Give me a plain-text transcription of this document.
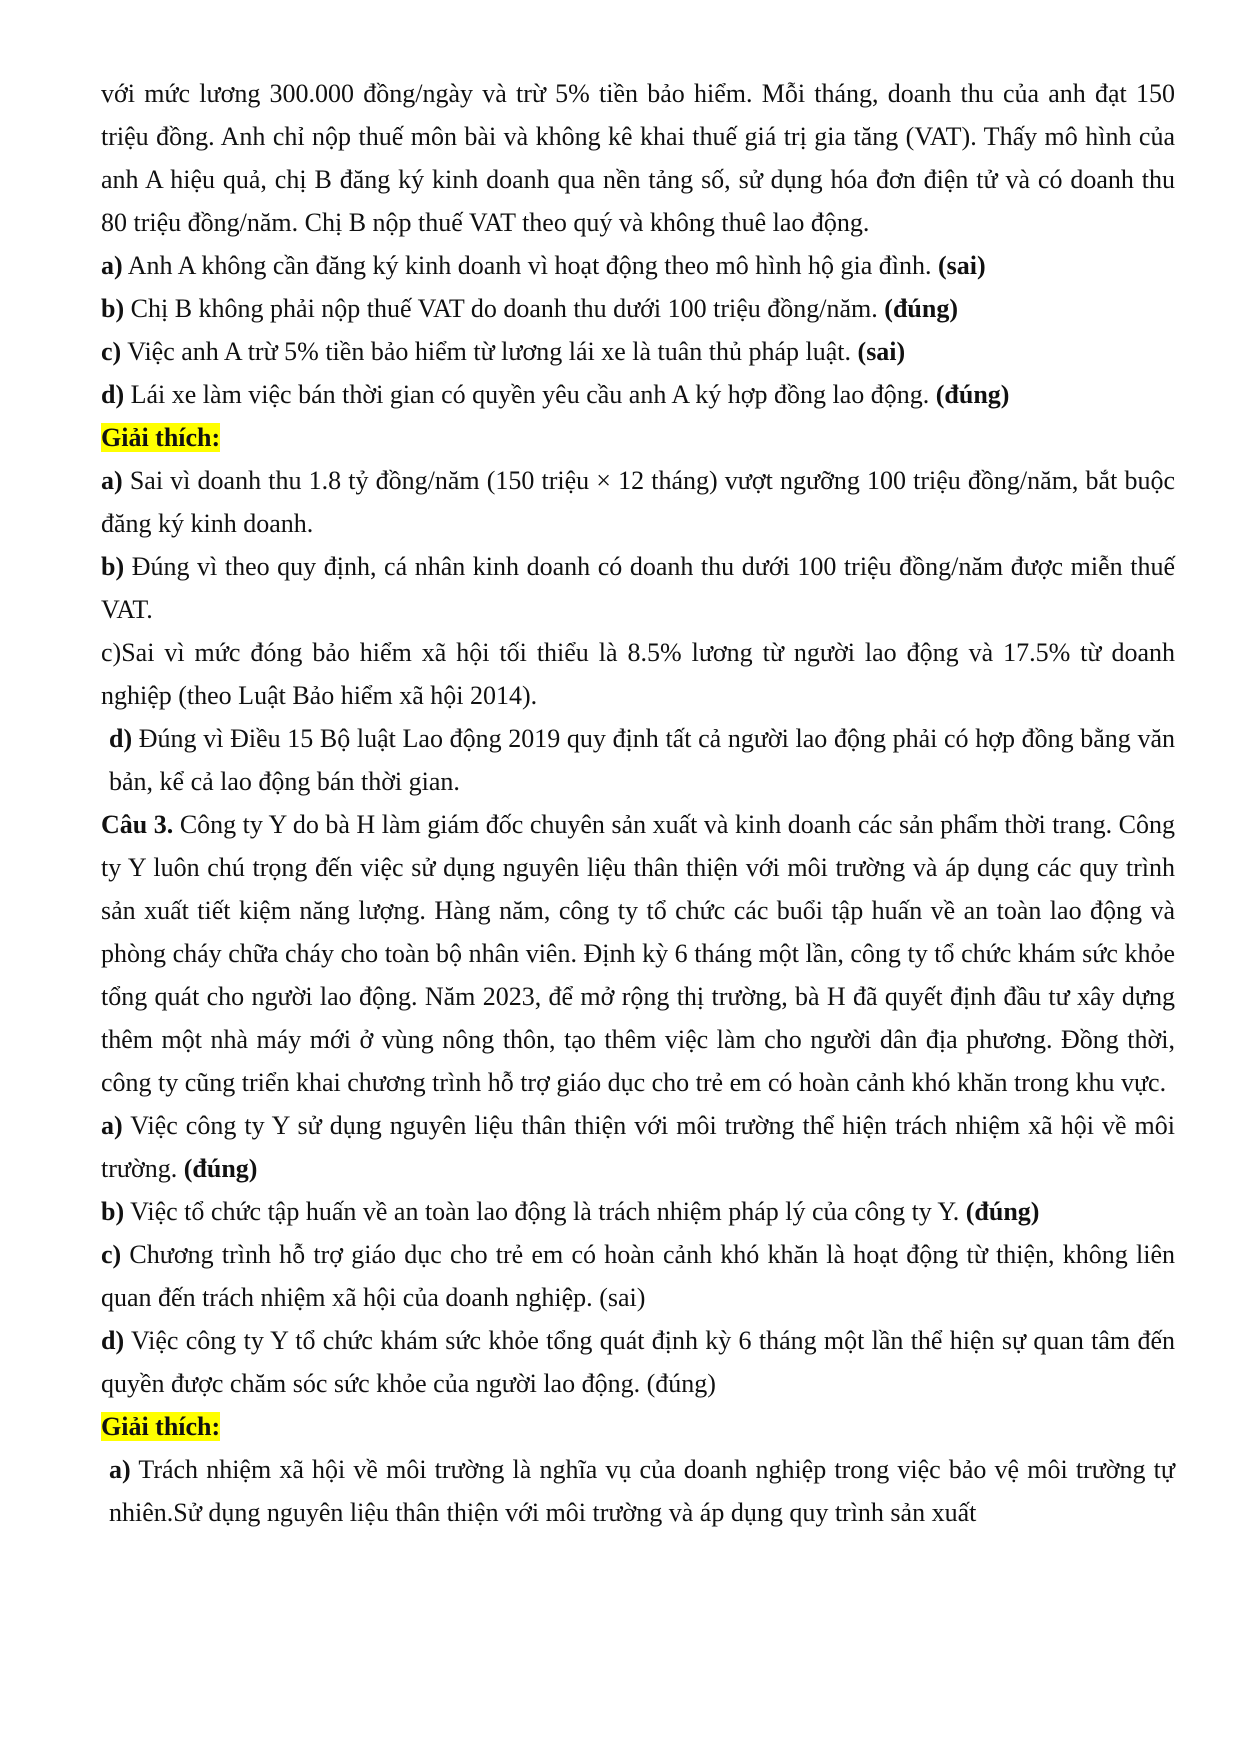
với mức lương 300.000 đồng/ngày và trừ 5% tiền bảo hiểm. Mỗi tháng, doanh thu của anh đạt 150 triệu đồng. Anh chỉ nộp thuế môn bài và không kê khai thuế giá trị gia tăng (VAT). Thấy mô hình của anh A hiệu quả, chị B đăng ký kinh doanh qua nền tảng số, sử dụng hóa đơn điện tử và có doanh thu 80 triệu đồng/năm. Chị B nộp thuế VAT theo quý và không thuê lao động.

a) Anh A không cần đăng ký kinh doanh vì hoạt động theo mô hình hộ gia đình. (sai)

b) Chị B không phải nộp thuế VAT do doanh thu dưới 100 triệu đồng/năm. (đúng)

c) Việc anh A trừ 5% tiền bảo hiểm từ lương lái xe là tuân thủ pháp luật. (sai)

d) Lái xe làm việc bán thời gian có quyền yêu cầu anh A ký hợp đồng lao động. (đúng)

Giải thích:

a) Sai vì doanh thu 1.8 tỷ đồng/năm (150 triệu × 12 tháng) vượt ngưỡng 100 triệu đồng/năm, bắt buộc đăng ký kinh doanh.

b) Đúng vì theo quy định, cá nhân kinh doanh có doanh thu dưới 100 triệu đồng/năm được miễn thuế VAT.

c)Sai vì mức đóng bảo hiểm xã hội tối thiểu là 8.5% lương từ người lao động và 17.5% từ doanh nghiệp (theo Luật Bảo hiểm xã hội 2014).

d) Đúng vì Điều 15 Bộ luật Lao động 2019 quy định tất cả người lao động phải có hợp đồng bằng văn bản, kể cả lao động bán thời gian.

Câu 3. Công ty Y do bà H làm giám đốc chuyên sản xuất và kinh doanh các sản phẩm thời trang. Công ty Y luôn chú trọng đến việc sử dụng nguyên liệu thân thiện với môi trường và áp dụng các quy trình sản xuất tiết kiệm năng lượng. Hàng năm, công ty tổ chức các buổi tập huấn về an toàn lao động và phòng cháy chữa cháy cho toàn bộ nhân viên. Định kỳ 6 tháng một lần, công ty tổ chức khám sức khỏe tổng quát cho người lao động. Năm 2023, để mở rộng thị trường, bà H đã quyết định đầu tư xây dựng thêm một nhà máy mới ở vùng nông thôn, tạo thêm việc làm cho người dân địa phương. Đồng thời, công ty cũng triển khai chương trình hỗ trợ giáo dục cho trẻ em có hoàn cảnh khó khăn trong khu vực.

a) Việc công ty Y sử dụng nguyên liệu thân thiện với môi trường thể hiện trách nhiệm xã hội về môi trường. (đúng)

b) Việc tổ chức tập huấn về an toàn lao động là trách nhiệm pháp lý của công ty Y. (đúng)

c) Chương trình hỗ trợ giáo dục cho trẻ em có hoàn cảnh khó khăn là hoạt động từ thiện, không liên quan đến trách nhiệm xã hội của doanh nghiệp. (sai)

d) Việc công ty Y tổ chức khám sức khỏe tổng quát định kỳ 6 tháng một lần thể hiện sự quan tâm đến quyền được chăm sóc sức khỏe của người lao động. (đúng)

Giải thích:

a) Trách nhiệm xã hội về môi trường là nghĩa vụ của doanh nghiệp trong việc bảo vệ môi trường tự nhiên.Sử dụng nguyên liệu thân thiện với môi trường và áp dụng quy trình sản xuất
